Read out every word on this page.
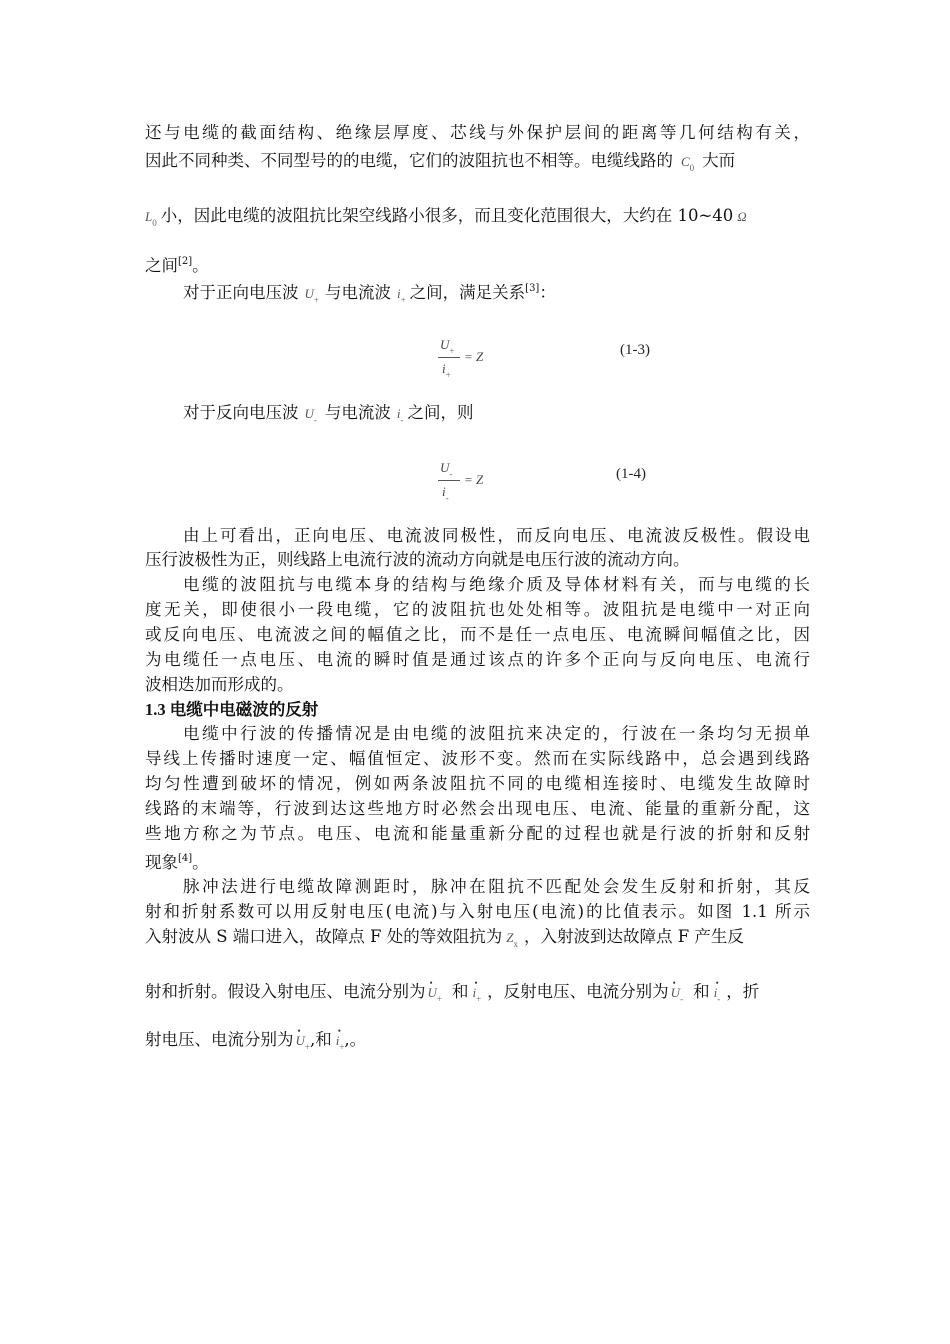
还与电缆的截面结构、绝缘层厚度、芯线与外保护层间的距离等几何结构有关，
因此不同种类、不同型号的的电缆，它们的波阻抗也不相等。电缆线路的 $C_0$ 大而
$L_0$ 小，因此电缆的波阻抗比架空线路小很多，而且变化范围很大，大约在 10~40 Ω
之间[2]。
对于正向电压波 $U_+$ 与电流波 $i_+$ 之间，满足关系[3]：
$U_+$
$i_+$
= Z	(1-3)
对于反向电压波 $U_-$ 与电流波 $i_-$ 之间，则
$U_-$
$i_-$
= Z	(1-4)
由上可看出，正向电压、电流波同极性，而反向电压、电流波反极性。假设电
压行波极性为正，则线路上电流行波的流动方向就是电压行波的流动方向。
电缆的波阻抗与电缆本身的结构与绝缘介质及导体材料有关，而与电缆的长
度无关，即使很小一段电缆，它的波阻抗也处处相等。波阻抗是电缆中一对正向
或反向电压、电流波之间的幅值之比，而不是任一点电压、电流瞬间幅值之比，因
为电缆任一点电压、电流的瞬时值是通过该点的许多个正向与反向电压、电流行
波相迭加而形成的。
1.3 电缆中电磁波的反射
电缆中行波的传播情况是由电缆的波阻抗来决定的，行波在一条均匀无损单
导线上传播时速度一定、幅值恒定、波形不变。然而在实际线路中，总会遇到线路
均匀性遭到破坏的情况，例如两条波阻抗不同的电缆相连接时、电缆发生故障时
线路的末端等，行波到达这些地方时必然会出现电压、电流、能量的重新分配，这
些地方称之为节点。电压、电流和能量重新分配的过程也就是行波的折射和反射
现象[4]。
脉冲法进行电缆故障测距时，脉冲在阻抗不匹配处会发生反射和折射，其反
射和折射系数可以用反射电压(电流)与入射电压(电流)的比值表示。如图 1.1 所示
入射波从 S 端口进入，故障点 F 处的等效阻抗为 $Z_x$ ，入射波到达故障点 F 产生反
射和折射。假设入射电压、电流分别为 • $U_+$ 和 • $i_+$ ，反射电压、电流分别为 • $U_-$ 和 • $i_-$ ，折
射电压、电流分别为 • $U_+$,和 • $i_+$,。
